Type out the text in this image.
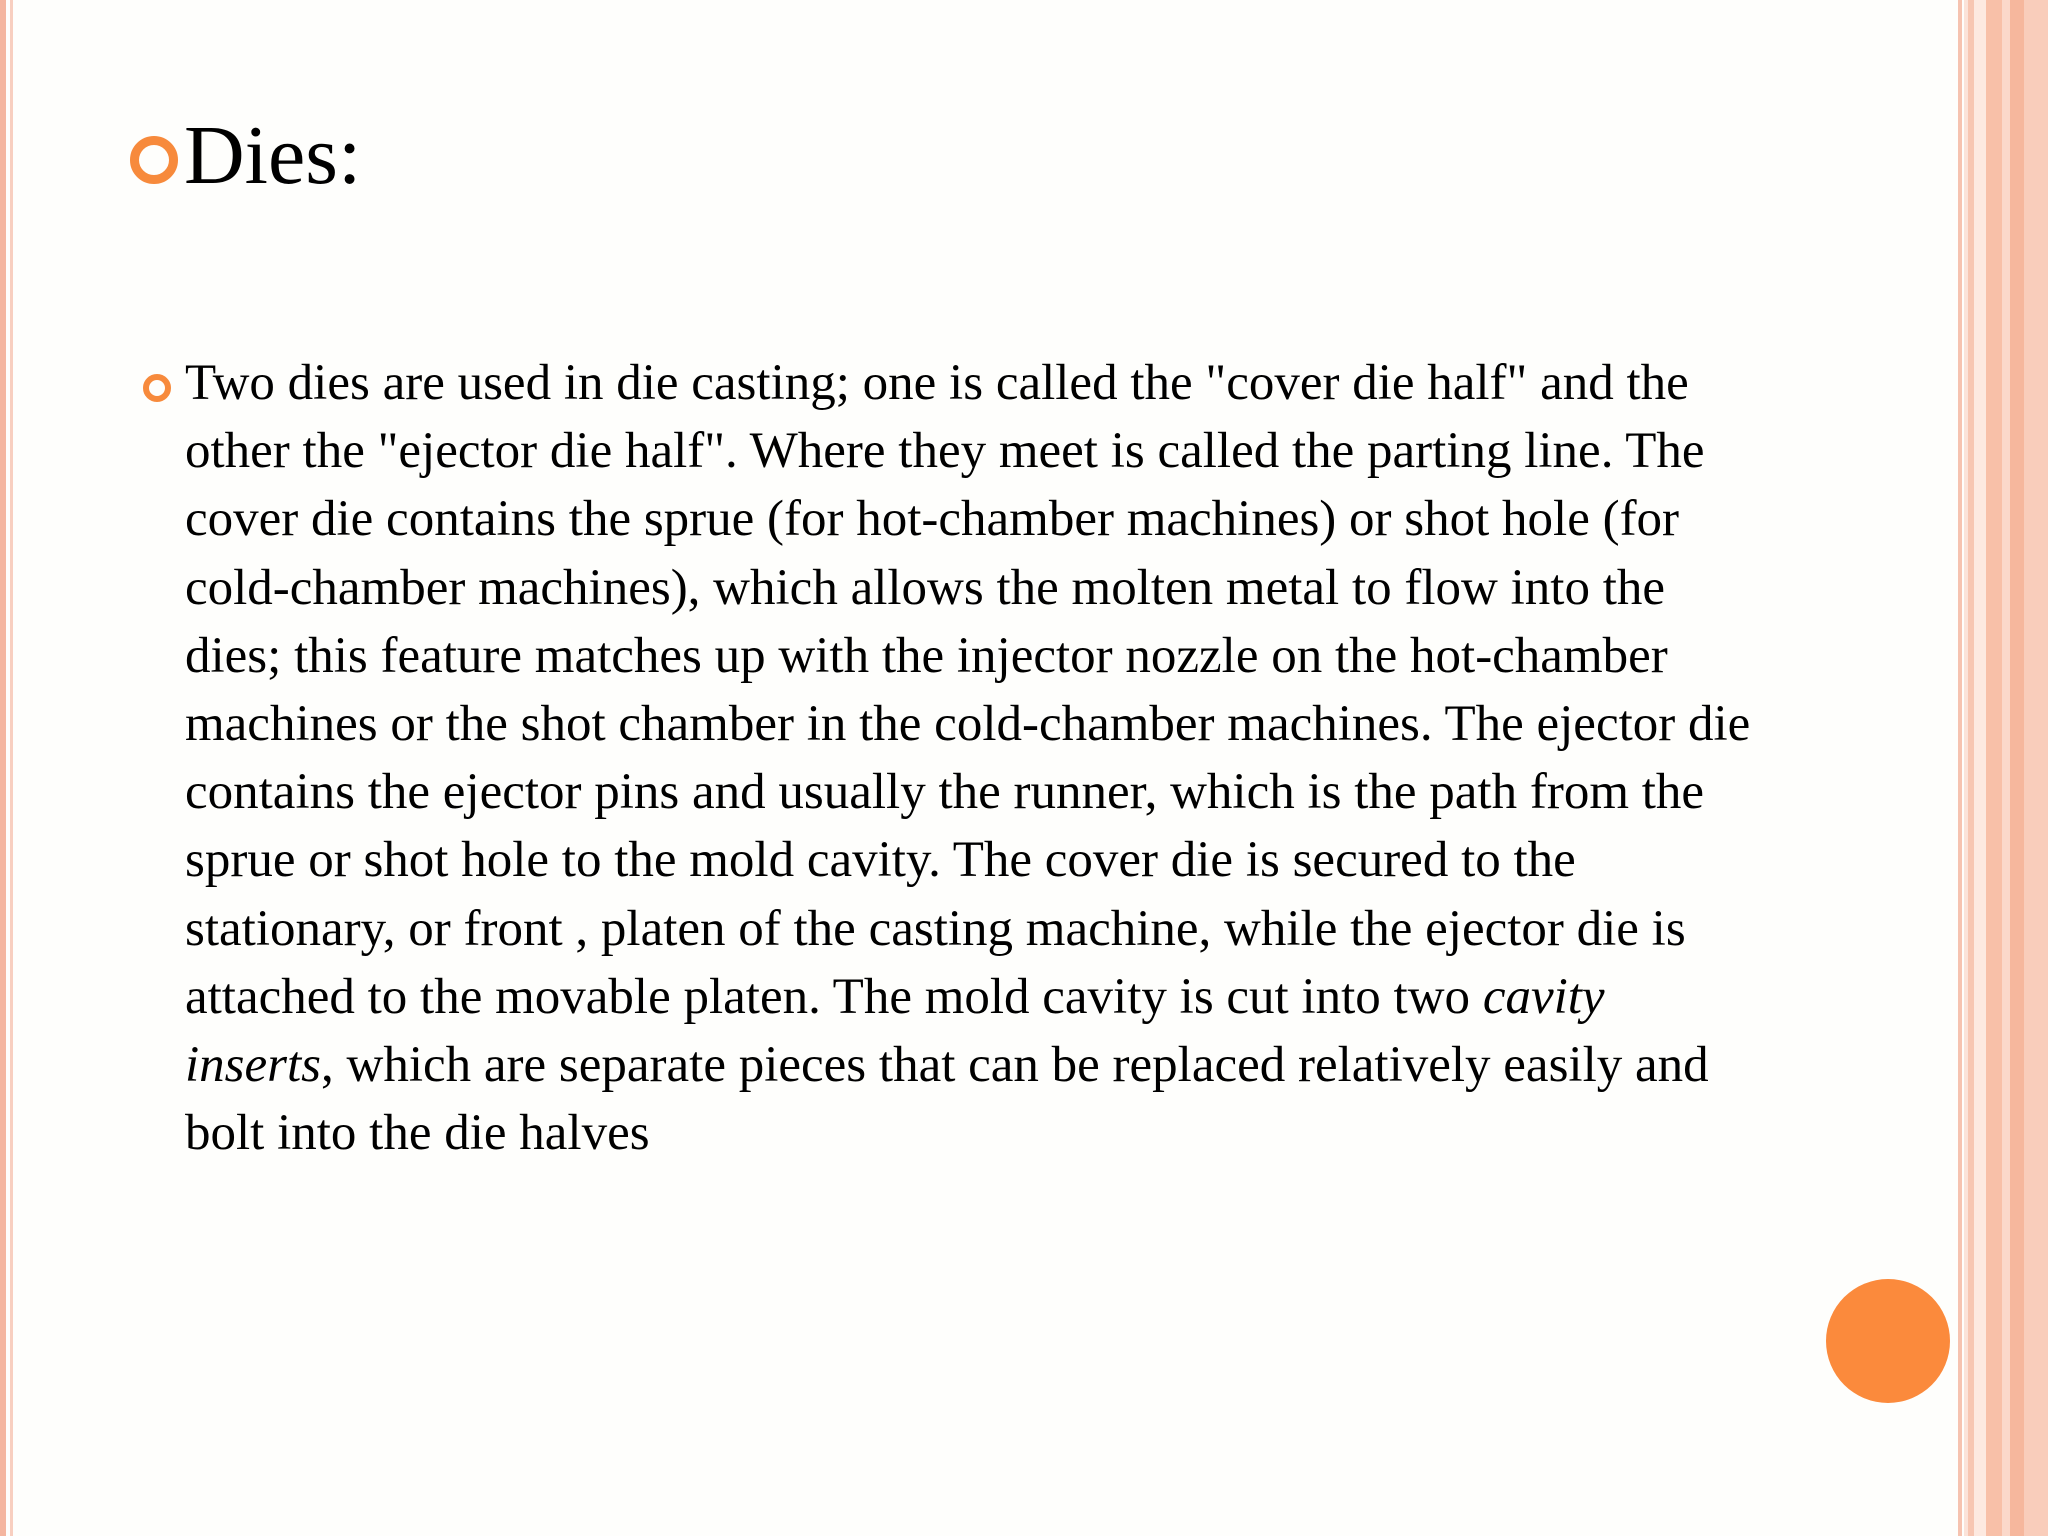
Dies:

Two dies are used in die casting; one is called the "cover die half" and the other the "ejector die half". Where they meet is called the parting line. The cover die contains the sprue (for hot-chamber machines) or shot hole (for cold-chamber machines), which allows the molten metal to flow into the dies; this feature matches up with the injector nozzle on the hot-chamber machines or the shot chamber in the cold-chamber machines. The ejector die contains the ejector pins and usually the runner, which is the path from the sprue or shot hole to the mold cavity. The cover die is secured to the stationary, or front , platen of the casting machine, while the ejector die is attached to the movable platen. The mold cavity is cut into two cavity inserts, which are separate pieces that can be replaced relatively easily and bolt into the die halves
